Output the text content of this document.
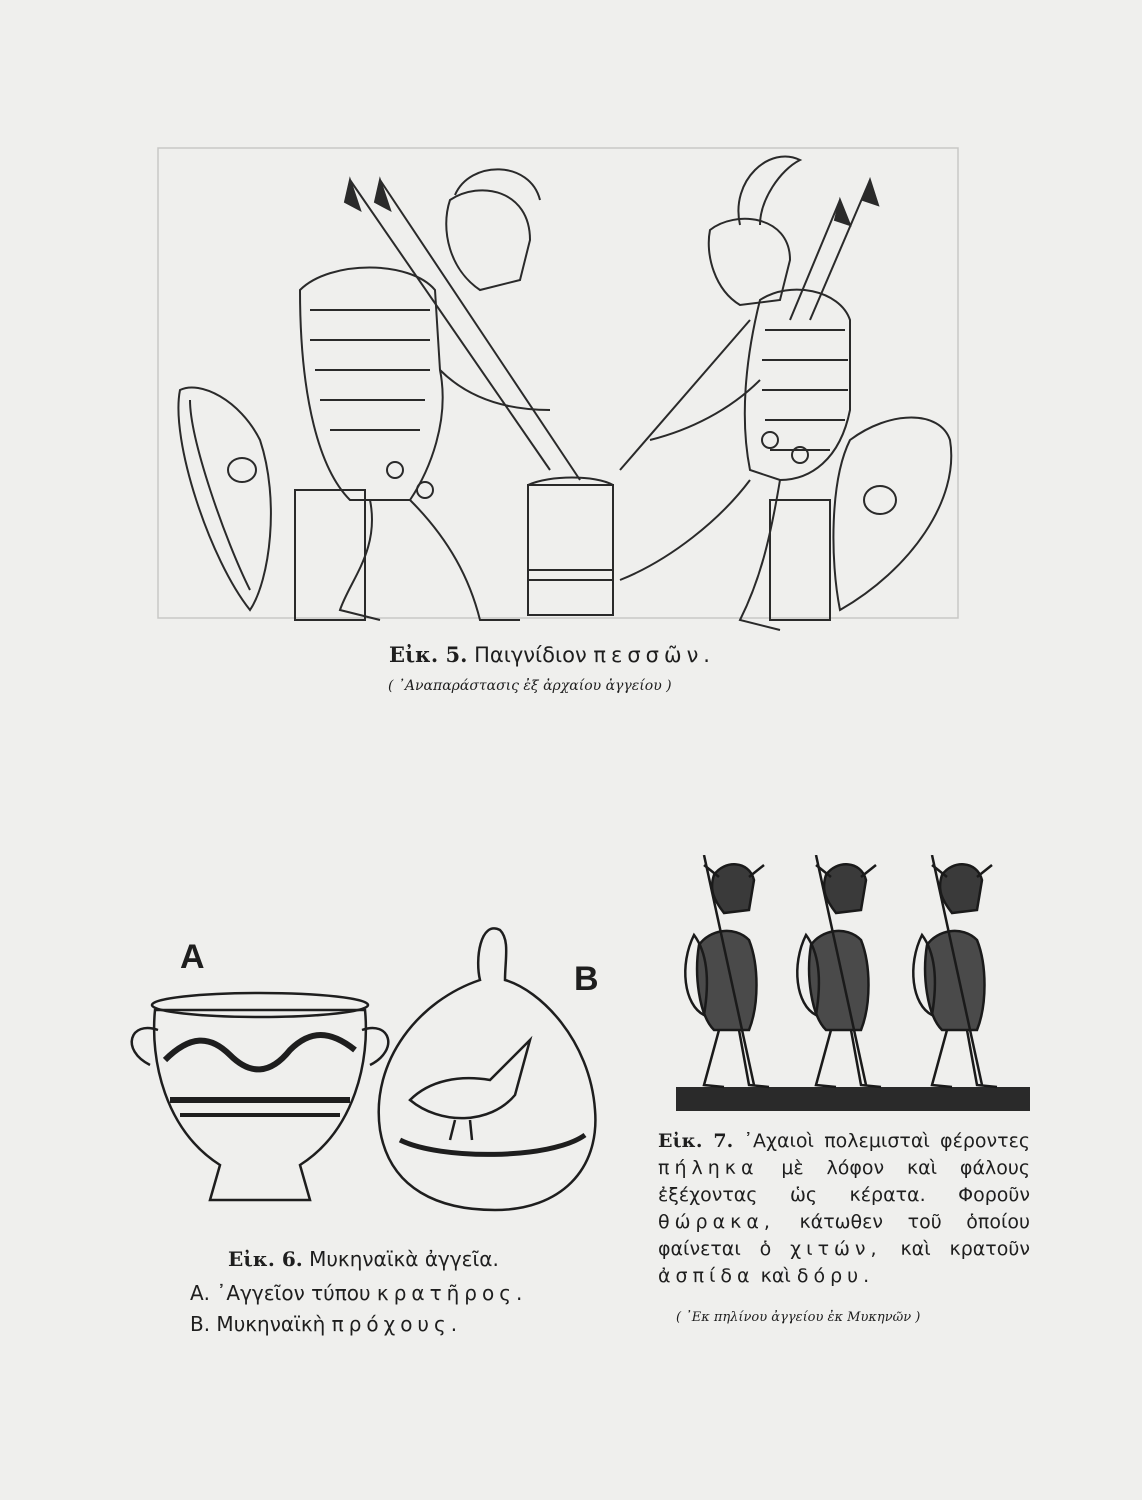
Εἰκ. 5. Παιγνίδιον πεσσῶν.
( ᾿Αναπαράστασις ἐξ ἀρχαίου ἀγγείου )
A
B
Εἰκ. 6. Μυκηναϊκὰ ἀγγεῖα.
Α. ᾿Αγγεῖον τύπου κρατῆρος.
Β. Μυκηναϊκὴ πρόχους.
Εἰκ. 7. ᾿Αχαιοὶ πολεμισταὶ φέροντες πήληκα μὲ λόφον καὶ φάλους ἐξέχοντας ὡς κέρατα. Φοροῦν θώρακα, κάτωθεν τοῦ ὁποίου φαίνεται ὁ χιτών, καὶ κρατοῦν ἀσπίδα καὶ δόρυ.
( ᾿Εκ πηλίνου ἀγγείου ἐκ Μυκηνῶν )
